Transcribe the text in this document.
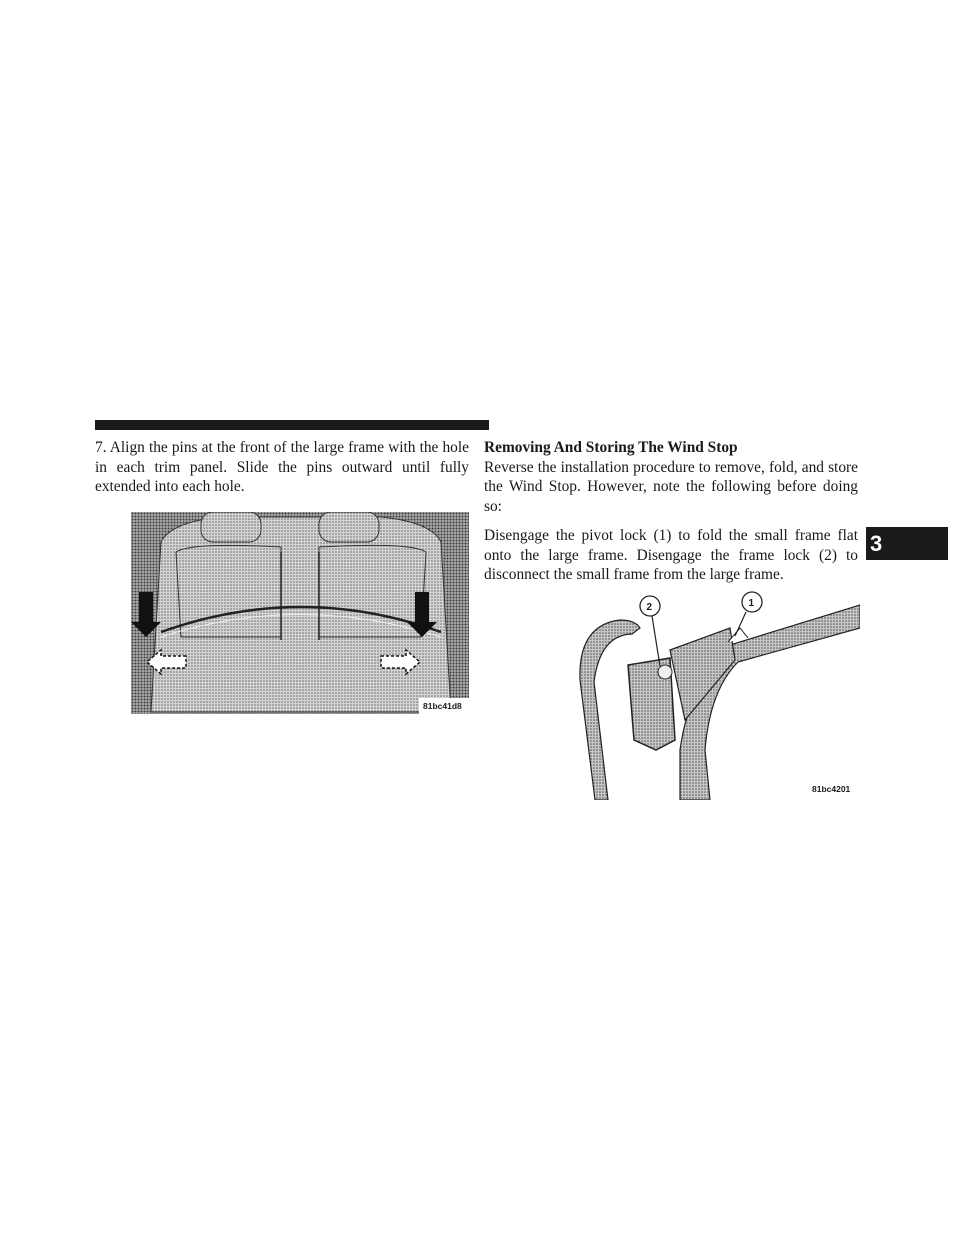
7. Align the pins at the front of the large frame with the hole in each trim panel. Slide the pins outward until fully extended into each hole.

81bc41d8
Removing And Storing The Wind Stop

Reverse the installation procedure to remove, fold, and store the Wind Stop. However, note the following before doing so:

Disengage the pivot lock (1) to fold the small frame flat onto the large frame. Disengage the frame lock (2) to disconnect the small frame from the large frame.

2	1
81bc4201
3
